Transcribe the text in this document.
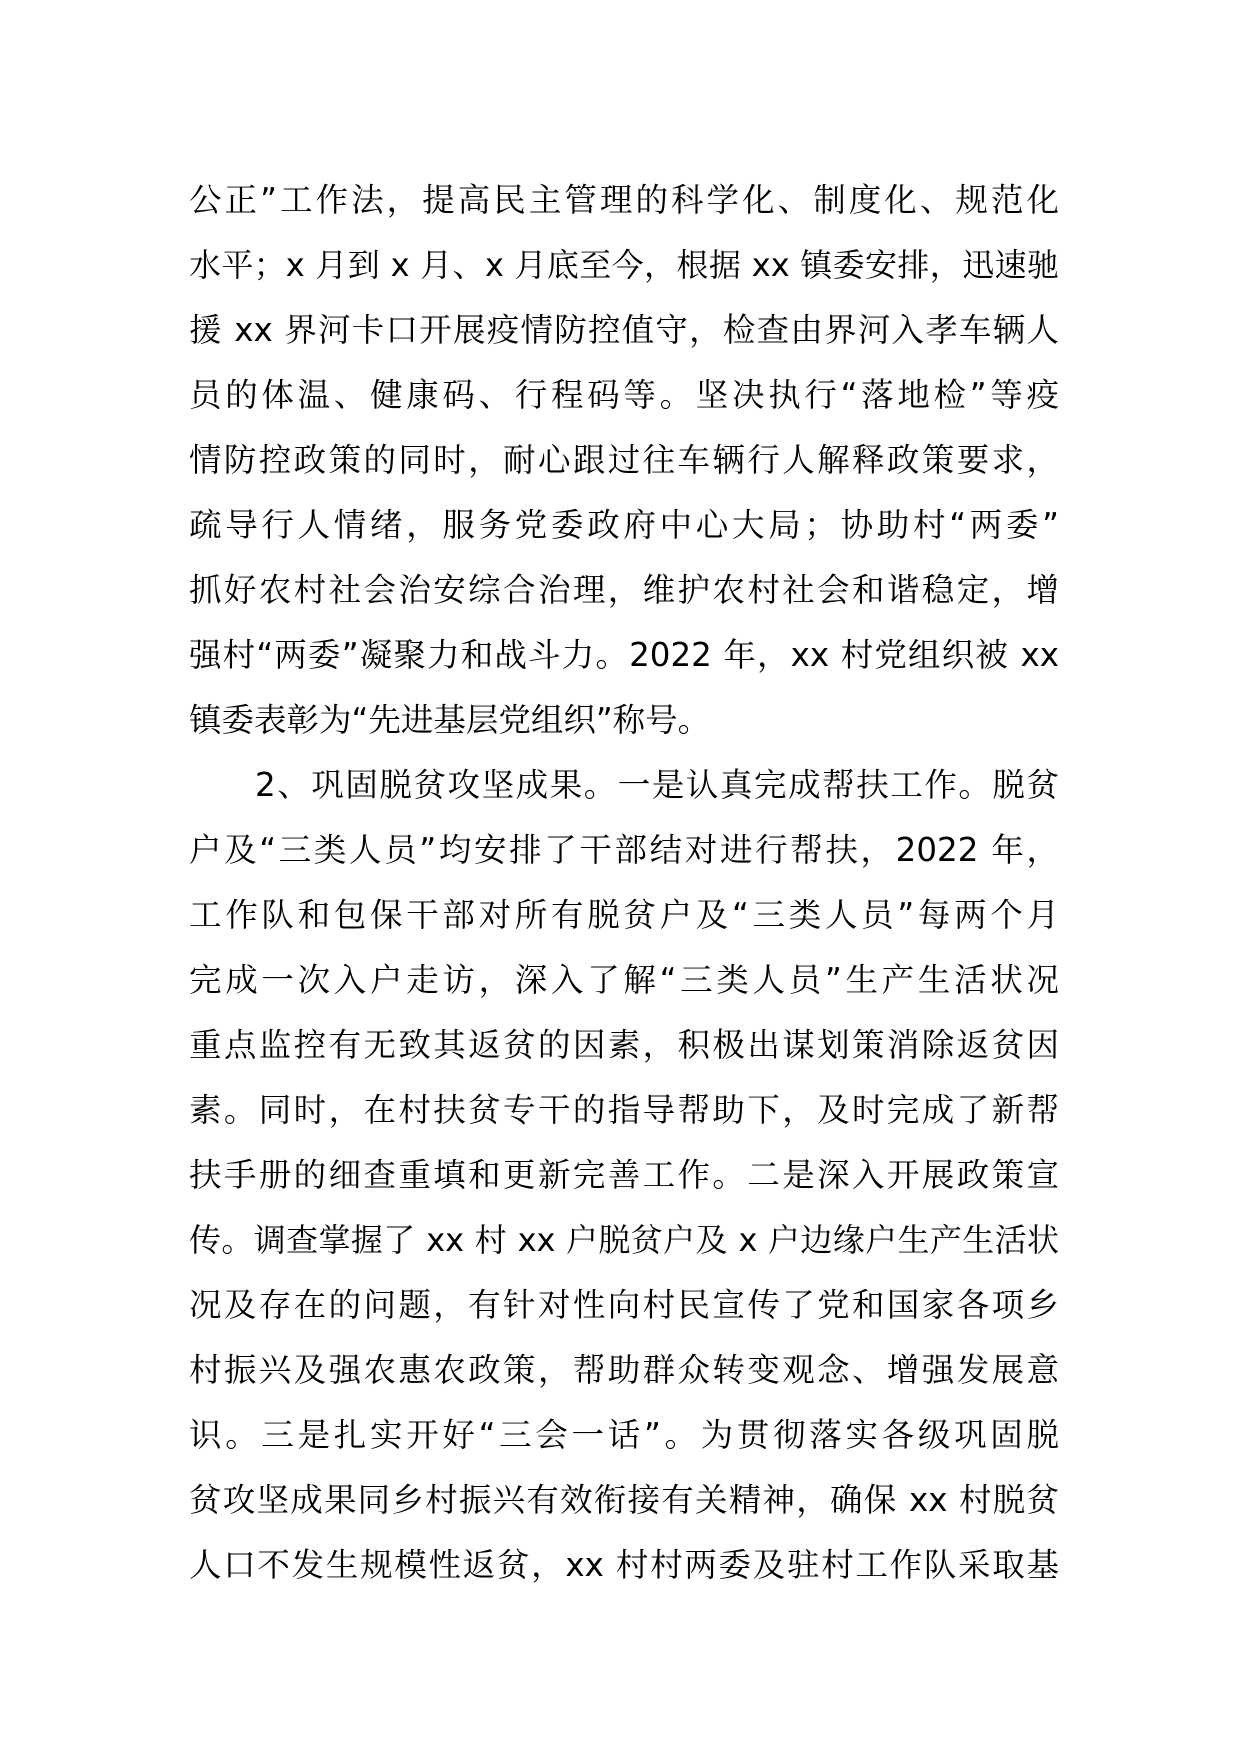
公正”工作法，提高民主管理的科学化、制度化、规范化
水平；x 月到 x 月、x 月底至今，根据 xx 镇委安排，迅速驰
援 xx 界河卡口开展疫情防控值守，检查由界河入孝车辆人
员的体温、健康码、行程码等。坚决执行“落地检”等疫
情防控政策的同时，耐心跟过往车辆行人解释政策要求，
疏导行人情绪，服务党委政府中心大局；协助村“两委”
抓好农村社会治安综合治理，维护农村社会和谐稳定，增
强村“两委”凝聚力和战斗力。2022 年，xx 村党组织被 xx
镇委表彰为“先进基层党组织”称号。
2、巩固脱贫攻坚成果。一是认真完成帮扶工作。脱贫
户及“三类人员”均安排了干部结对进行帮扶，2022 年，
工作队和包保干部对所有脱贫户及“三类人员”每两个月
完成一次入户走访，深入了解“三类人员”生产生活状况
重点监控有无致其返贫的因素，积极出谋划策消除返贫因
素。同时，在村扶贫专干的指导帮助下，及时完成了新帮
扶手册的细查重填和更新完善工作。二是深入开展政策宣
传。调查掌握了 xx 村 xx 户脱贫户及 x 户边缘户生产生活状
况及存在的问题，有针对性向村民宣传了党和国家各项乡
村振兴及强农惠农政策，帮助群众转变观念、增强发展意
识。三是扎实开好“三会一话”。为贯彻落实各级巩固脱
贫攻坚成果同乡村振兴有效衔接有关精神，确保 xx 村脱贫
人口不发生规模性返贫，xx 村村两委及驻村工作队采取基
